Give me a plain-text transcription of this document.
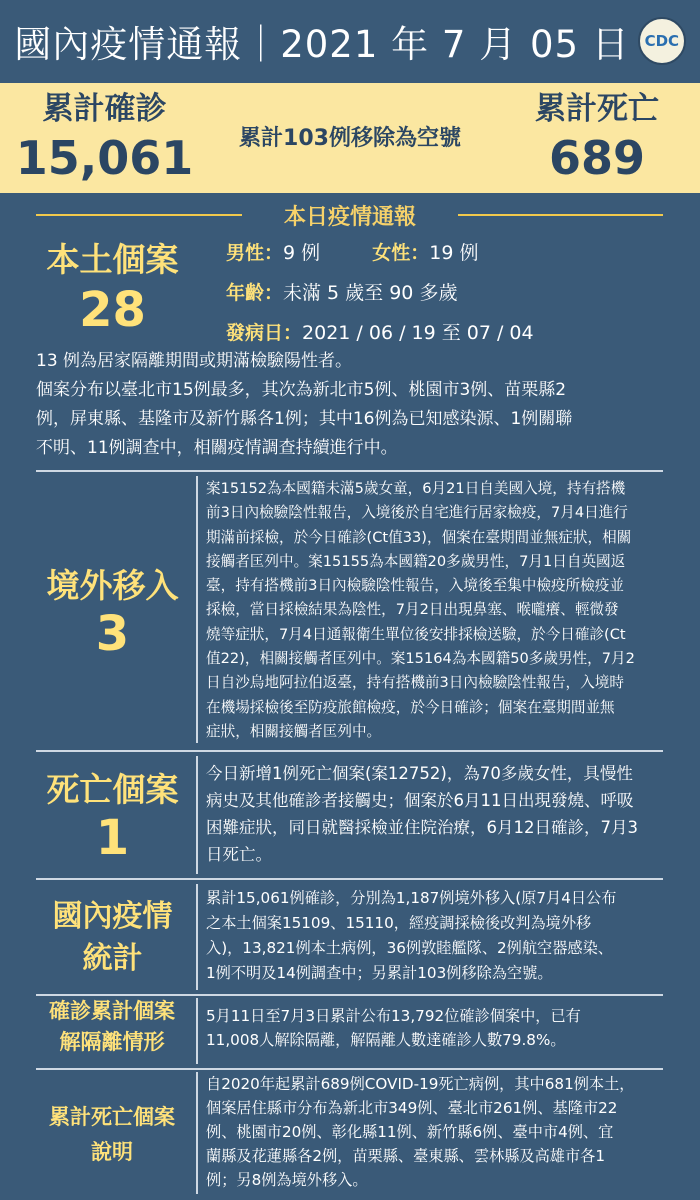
國內疫情通報｜2021 年 7 月 05 日 CDC
累計確診
15,061	累計103例移除為空號
累計死亡
689
本日疫情通報
本土個案
28
男性：9 例	女性：19 例
年齡：未滿 5 歲至 90 多歲
發病日：2021 / 06 / 19 至 07 / 04
13 例為居家隔離期間或期滿檢驗陽性者。
個案分布以臺北市15例最多，其次為新北市5例、桃園市3例、苗栗縣2
例，屏東縣、基隆市及新竹縣各1例；其中16例為已知感染源、1例關聯
不明、11例調查中，相關疫情調查持續進行中。
境外移入
3
案15152為本國籍未滿5歲女童，6月21日自美國入境，持有搭機
前3日內檢驗陰性報告，入境後於自宅進行居家檢疫，7月4日進行
期滿前採檢，於今日確診(Ct值33)，個案在臺期間並無症狀，相關
接觸者匡列中。案15155為本國籍20多歲男性，7月1日自英國返
臺，持有搭機前3日內檢驗陰性報告，入境後至集中檢疫所檢疫並
採檢，當日採檢結果為陰性，7月2日出現鼻塞、喉嚨癢、輕微發
燒等症狀，7月4日通報衛生單位後安排採檢送驗，於今日確診(Ct
值22)，相關接觸者匡列中。案15164為本國籍50多歲男性，7月2
日自沙烏地阿拉伯返臺，持有搭機前3日內檢驗陰性報告，入境時
在機場採檢後至防疫旅館檢疫，於今日確診；個案在臺期間並無
症狀，相關接觸者匡列中。
死亡個案
1
今日新增1例死亡個案(案12752)，為70多歲女性，具慢性
病史及其他確診者接觸史；個案於6月11日出現發燒、呼吸
困難症狀，同日就醫採檢並住院治療，6月12日確診，7月3
日死亡。
國內疫情
統計
累計15,061例確診，分別為1,187例境外移入(原7月4日公布
之本土個案15109、15110，經疫調採檢後改判為境外移
入)，13,821例本土病例，36例敦睦艦隊、2例航空器感染、
1例不明及14例調查中；另累計103例移除為空號。
確診累計個案
解隔離情形
5月11日至7月3日累計公布13,792位確診個案中，已有
11,008人解除隔離，解隔離人數達確診人數79.8%。
累計死亡個案
說明
自2020年起累計689例COVID-19死亡病例，其中681例本土，
個案居住縣市分布為新北市349例、臺北市261例、基隆市22
例、桃園市20例、彰化縣11例、新竹縣6例、臺中市4例、宜
蘭縣及花蓮縣各2例，苗栗縣、臺東縣、雲林縣及高雄市各1
例；另8例為境外移入。
